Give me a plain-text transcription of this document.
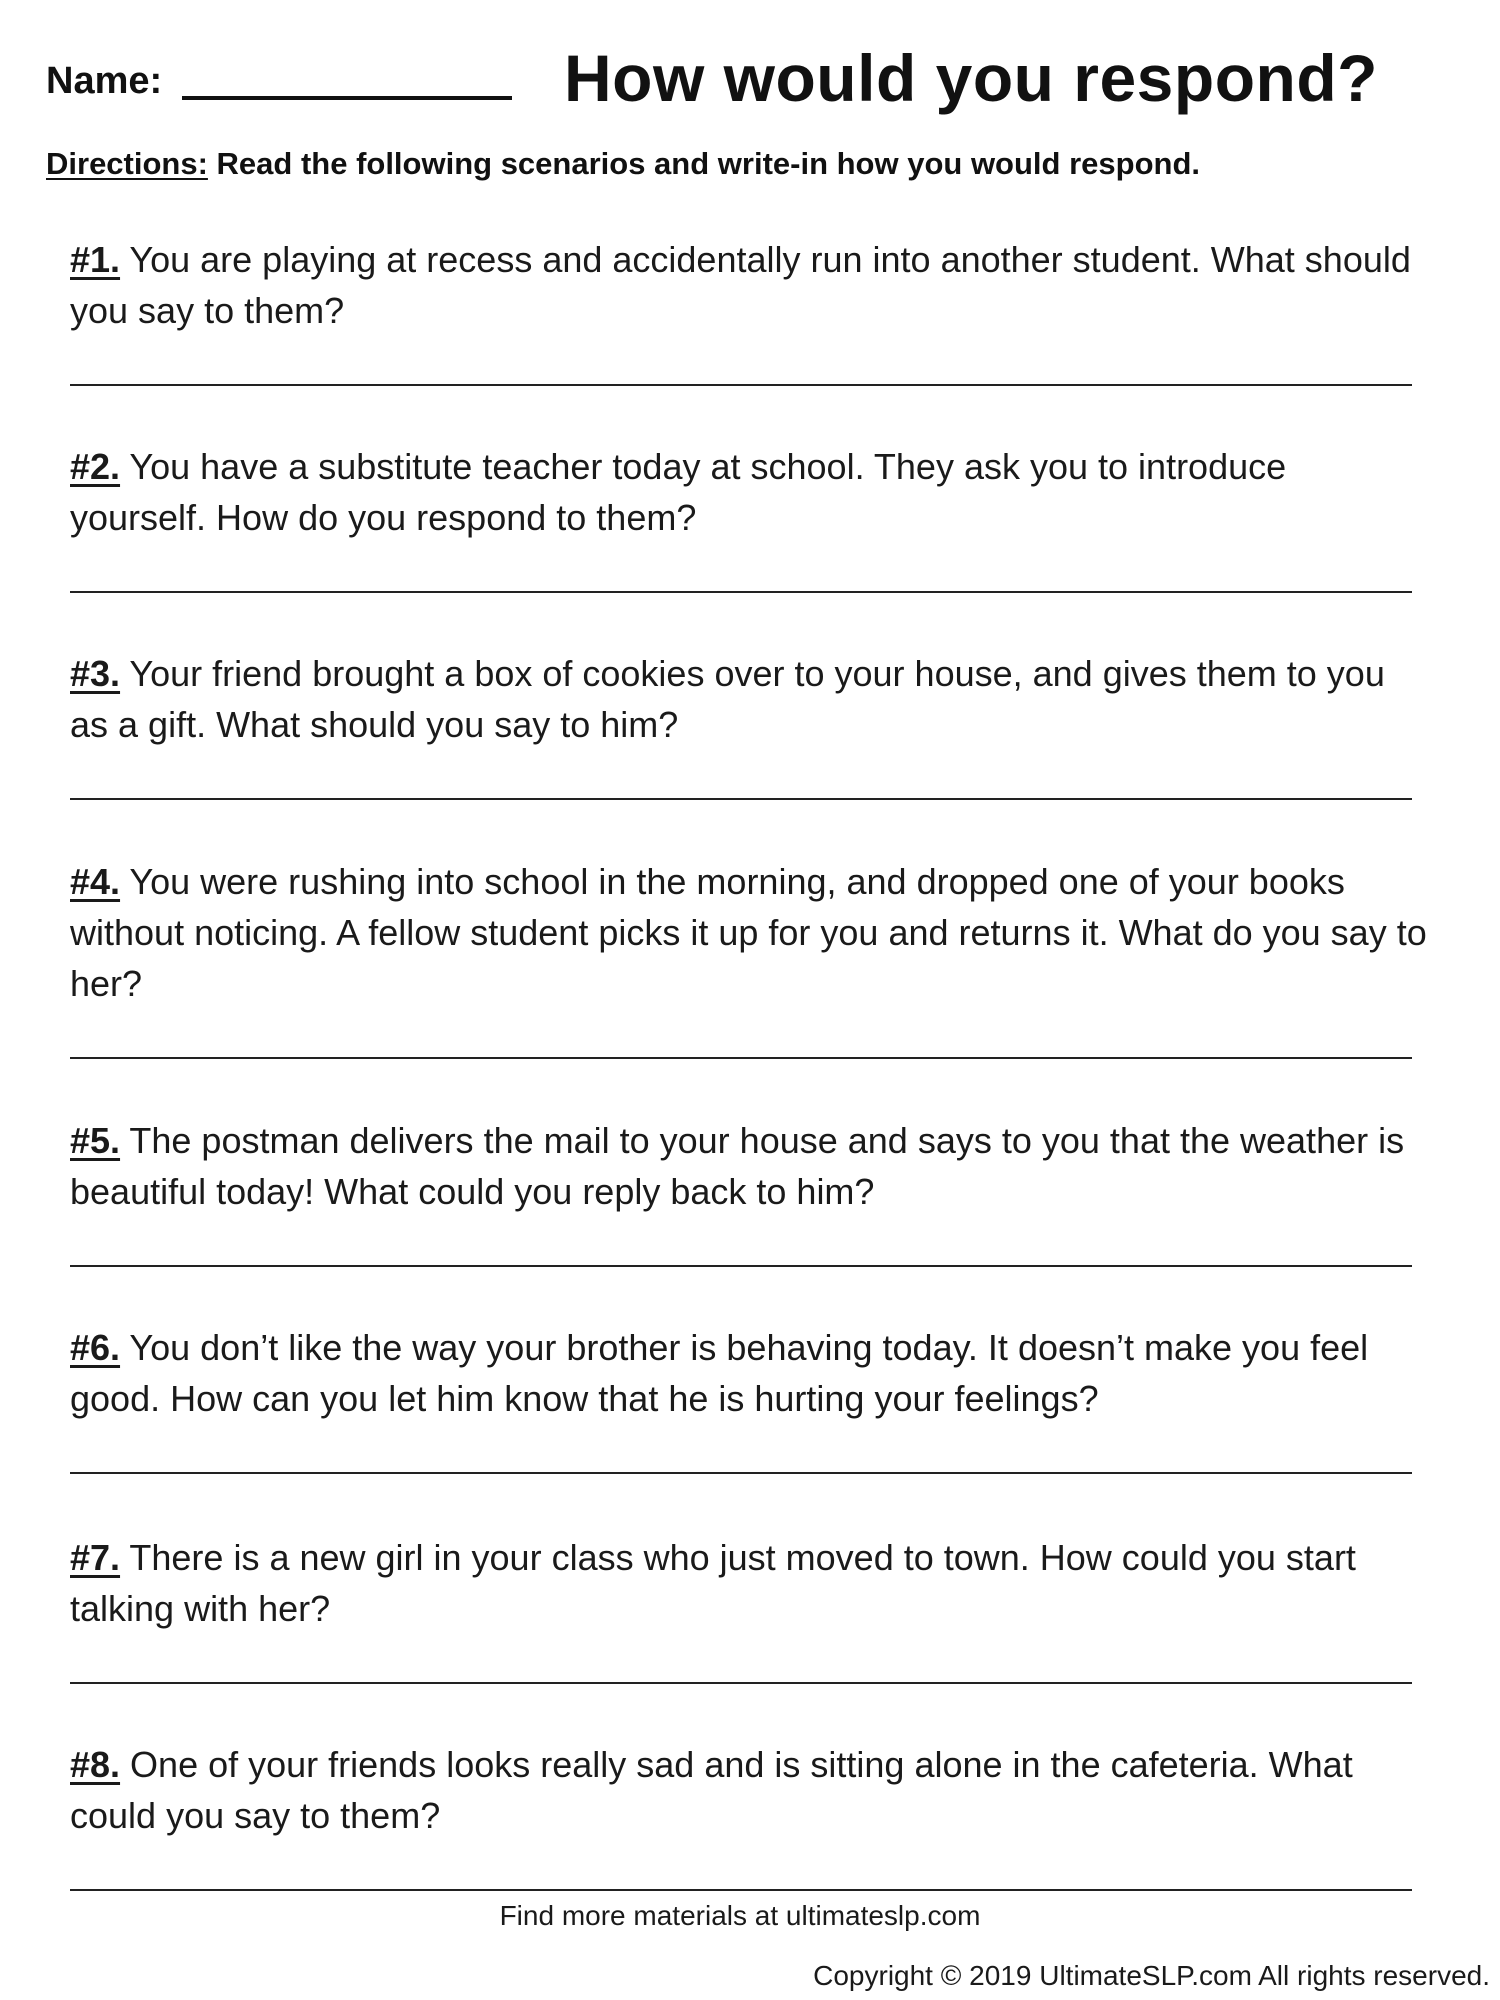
Name:	How would you respond?
Directions: Read the following scenarios and write-in how you would respond.
#1. You are playing at recess and accidentally run into another student. What should you say to them?
#2. You have a substitute teacher today at school. They ask you to introduce yourself. How do you respond to them?
#3. Your friend brought a box of cookies over to your house, and gives them to you as a gift. What should you say to him?
#4. You were rushing into school in the morning, and dropped one of your books without noticing. A fellow student picks it up for you and returns it. What do you say to her?
#5. The postman delivers the mail to your house and says to you that the weather is beautiful today! What could you reply back to him?
#6. You don’t like the way your brother is behaving today. It doesn’t make you feel good. How can you let him know that he is hurting your feelings?
#7. There is a new girl in your class who just moved to town. How could you start talking with her?
#8. One of your friends looks really sad and is sitting alone in the cafeteria. What could you say to them?
Find more materials at ultimateslp.com
Copyright © 2019 UltimateSLP.com All rights reserved.
